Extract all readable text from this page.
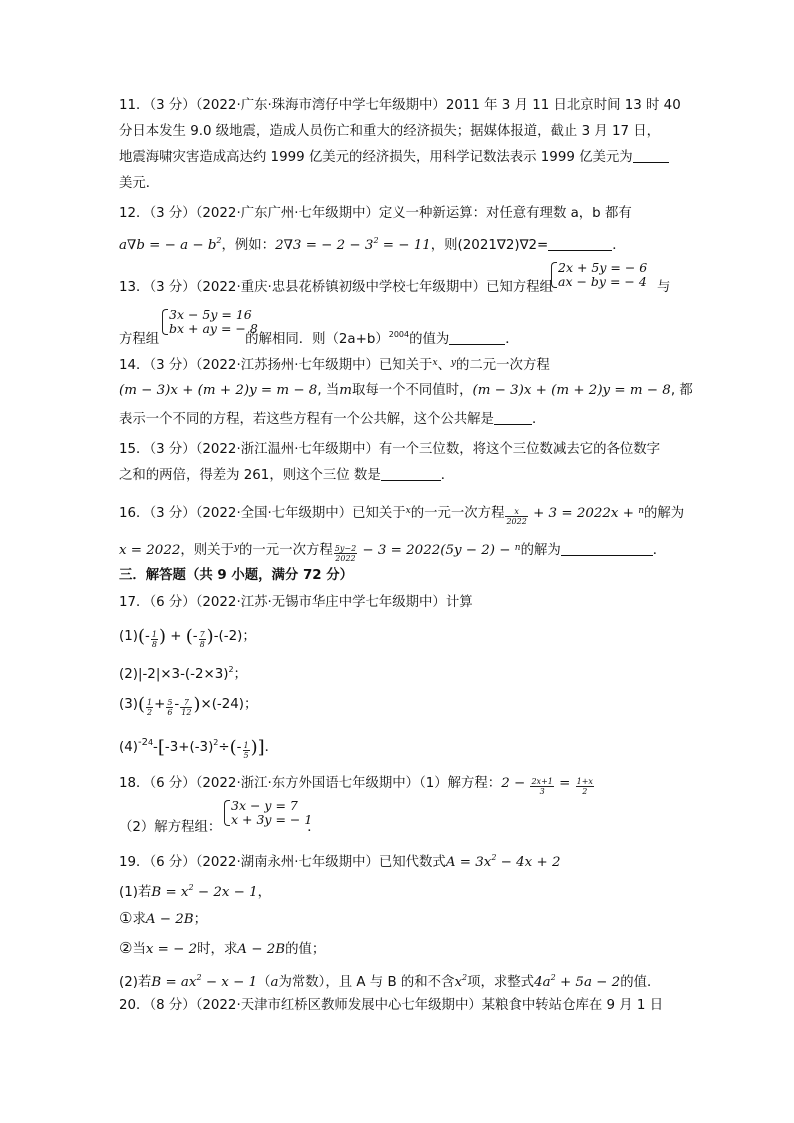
11．（3 分）（2022·广东·珠海市湾仔中学七年级期中）2011 年 3 月 11 日北京时间 13 时 40
分日本发生 9.0 级地震，造成人员伤亡和重大的经济损失；据媒体报道，截止 3 月 17 日，
地震海啸灾害造成高达约 1999 亿美元的经济损失，用科学记数法表示 1999 亿美元为
美元．
12．（3 分）（2022·广东广州·七年级期中）定义一种新运算：对任意有理数 a，b 都有
a∇b = − $a - b^2$，例如：2∇3 = − $2 - 3^2$ = − 11，则(2021∇2)∇2=	．
13．（3 分）（2022·重庆·忠县花桥镇初级中学校七年级期中）已知方程组
2x + 5y = − 6
ax − by = − 4 与
方程组	的解相同．则$(2a+b)^{2004}$的值为	．
3x − 5y = 16
bx + ay = − 8
14．（3 分）（2022·江苏扬州·七年级期中）已知关于$^x$、$^y$的二元一次方程
(m − 3)x + (m + 2)y = m − 8, 当m取每一个不同值时，(m − 3)x + (m + 2)y = m − 8, 都
表示一个不同的方程，若这些方程有一个公共解，这个公共解是	．
15．（3 分）（2022·浙江温州·七年级期中）有一个三位数，将这个三位数减去它的各位数字
之和的两倍，得差为 261，则这个三位 数是	．
16．（3 分）（2022·全国·七年级期中）已知关于$^x$的一元一次方程 $\frac{x}{2022} + 3 = 2022x + ^n$的解为
x = 2022，则关于$^y$的一元一次方程 $\frac{5y-2}{2022} - 3 = 2022(5y - 2) - ^n$的解为	．
三．解答题（共 9 小题，满分 72 分）
17．（6 分）（2022·江苏·无锡市华庄中学七年级期中）计算
$(1)(- \frac{1}{8}$ ) + (- $\frac{7}{8} )-(-2)$；
$(2)|-2|\times 3-(-2\times 3)^2$；
$(3)( \frac{1}{2} + \frac{5}{6} - \frac{7}{12} )\times(-24)$；
$(4)^{-24}-[-3+(-3)^2\div(- \frac{1}{5}$ )]．
18．（6 分）（2022·浙江·东方外国语七年级期中）（1）解方程：$2 - \frac{2x+1}{3} = \frac{1+x}{2}$
（2）解方程组：	．
3x − y = 7
x + 3y = − 1
19．（6 分）（2022·湖南永州·七年级期中）已知代数式$A = 3x^2 - 4x + 2$
(1)若$B = x^2 - 2x - 1$，
①求A − 2B；
②当x = − 2时，求A − 2B的值；
(2)若$B = ax^2 - x - 1(a$为常数），且 A 与 B 的和不含$x^2$项，求整式$4a^2 + 5a - 2$的值．
20．（8 分）（2022·天津市红桥区教师发展中心七年级期中）某粮食中转站仓库在 9 月 1 日
